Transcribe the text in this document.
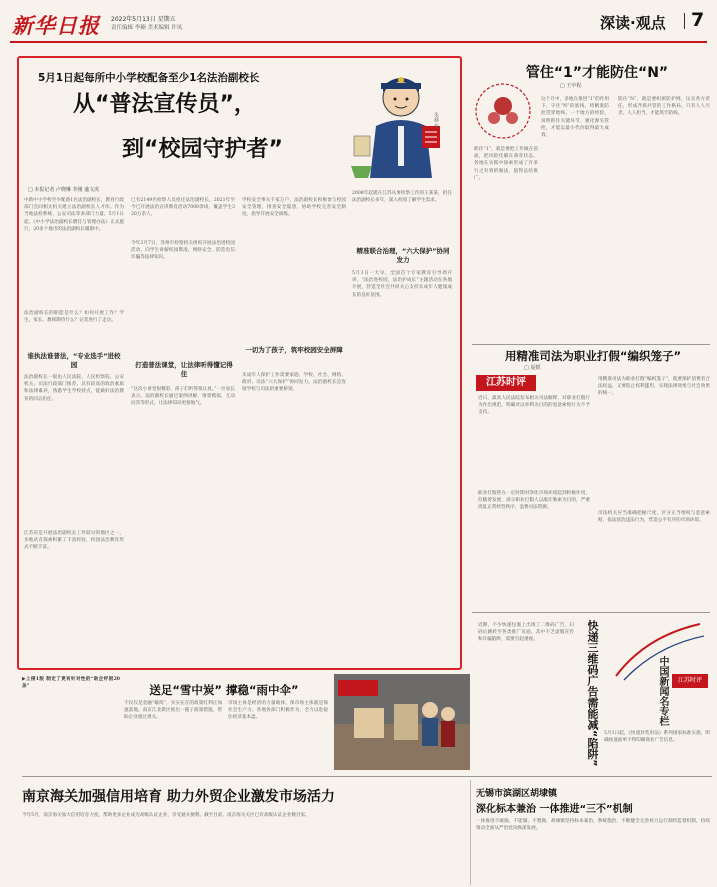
新华日报 2022年5月13日 星期五
责任编辑 李楠 美术编辑 许凤	深读·观点 7
5月1日起每所中小学校配备至少1名法治副校长
从“普法宣传员”，
到“校园守护者”
朱赫 作
□ 本报记者 卢晓琳 李刚 盛文虎
中新中小学校至少配备1名法治副校长，教育行政部门会同相关机关建立法治副校长人才库。作为当地法检系统、公安司法等多部门力量，5月1日起，《中小学法治副校长聘任与管理办法》正式施行，20多个地市的法治副校长履职中。
法治副校长的职能是什么？如何开展工作？学生、家长、教师期待什么？记者进行了走访。
谁执法谁普法，“专业选手”进校园
法治副校长一般由人民法院、人民检察院、公安机关、司法行政部门推荐，具有较高的政治素质和法律素养，熟悉学生学校特点，能做好法治教育的同志担任。
江苏省是开展法治副校长工作较早的地区之一，多地试点探索积累了丰富经验，校园法治教育形式不断丰富。
已有2149名检察人员担任法治副校长，2021年至今已开展法治宣讲教育活动7000余场，覆盖学生320万余人。
今年3月7日，苏州市检察机关组织开展法治进校园活动，向学生讲解校园欺凌、网络安全、防范电信诈骗等法律知识。
打造普法课堂，让法律听得懂记得住
“这次小讲堂很精彩，孩子们听得很认真。”一位家长表示。法治副校长通过案例讲解、情景模拟、互动问答等形式，让法律知识更接地气。
学校安全事关千家万户，法治副校长积极参与校园安全管理，排查安全隐患，协助学校完善安全制度，指导开展安全演练。
一切为了孩子，筑牢校园安全屏障
未成年人保护工作需要家庭、学校、社会、网络、政府、司法“六大保护”协同发力。法治副校长是连接学校与司法的重要桥梁。
2008年起就在江苏从事检察工作的王某某，担任法治副校长多年，深入校园了解学生需求。
精准联合治理，“六大保护”协同发力
5月1日一大早，全国首个专家教育引导周开讲，“法治进校园，法治护成长”主题活动在各地开展，营造全社会共同关心支持未成年人健康成长的良好氛围。
管住“1”才能防住“N”
□ 王中程
这个月中，多地在推进“1”的作用下，守住“N”的底线，将精准防控贯穿始终。一个地方的经验，说明抓住关键环节、强化源头管控，才能以最小代价取得最大成效。
抓住“1”，就是要把工作做在前面，把风险化解在萌芽状态。各地在实践中探索形成了许多行之有效的做法，值得总结推广。
防住“N”，就是要织密防护网，压实各方责任，形成齐抓共管的工作格局。只有人人尽责、人人担当，才能筑牢防线。
用精准司法为职业打假“编织笼子”
□ 夏媛
江苏时评
近日，最高人民法院发布相关司法解释，对职业打假行为作出规范，明确对以牟利为目的的恶意索赔行为不予支持。
职业打假曾在一定时期对净化市场环境起到积极作用，但随着发展，部分职业打假人以敲诈勒索为目的，严重扰乱正常经营秩序，浪费司法资源。
用精准司法为职业打假“编织笼子”，既要保护消费者合法权益，又要防止权利滥用，实现法律效果与社会效果的统一。
司法机关应当准确把握尺度，区分正当维权与恶意索赔，依法惩治违法行为，营造公平有序的市场环境。
快递三维码广告需能减“陷阱”
近期，不少快递包裹上出现了二维码广告，扫码后跳转至各类推广页面，其中不乏虚假宣传和诈骗陷阱，需要引起重视。
中国新闻名专栏	江苏时评
5月1日起，《快递封装用品》系列国家标准实施，明确快递面单不得印刷商业广告信息。
▶上接1版 制定了更有针对性的“助企纾困20条”	送足“雪中炭” 撑稳“雨中伞”
不仅仅是金融“解渴”，实实在在的政策红利正加速落地。南京江北新区推出一揽子政策措施，帮助企业渡过难关。
市场主体是经济的力量载体，保市场主体就是保社会生产力。各地各部门积极作为，全力以赴稳住经济基本盘。
南京海关加强信用培育 助力外贸企业激发市场活力
今年5月，南京海关加大信用培育力度，帮助更多企业成为高级认证企业，享受通关便利。截至目前，南京海关关区已有高级认证企业数百家。
无锡市滨湖区胡埭镇
深化标本兼治 一体推进“三不”机制
一体推进不敢腐、不能腐、不想腐，胡埭镇坚持标本兼治、系统施治，不断健全完善权力运行制约监督机制，持续推动全面从严治党向纵深发展。
